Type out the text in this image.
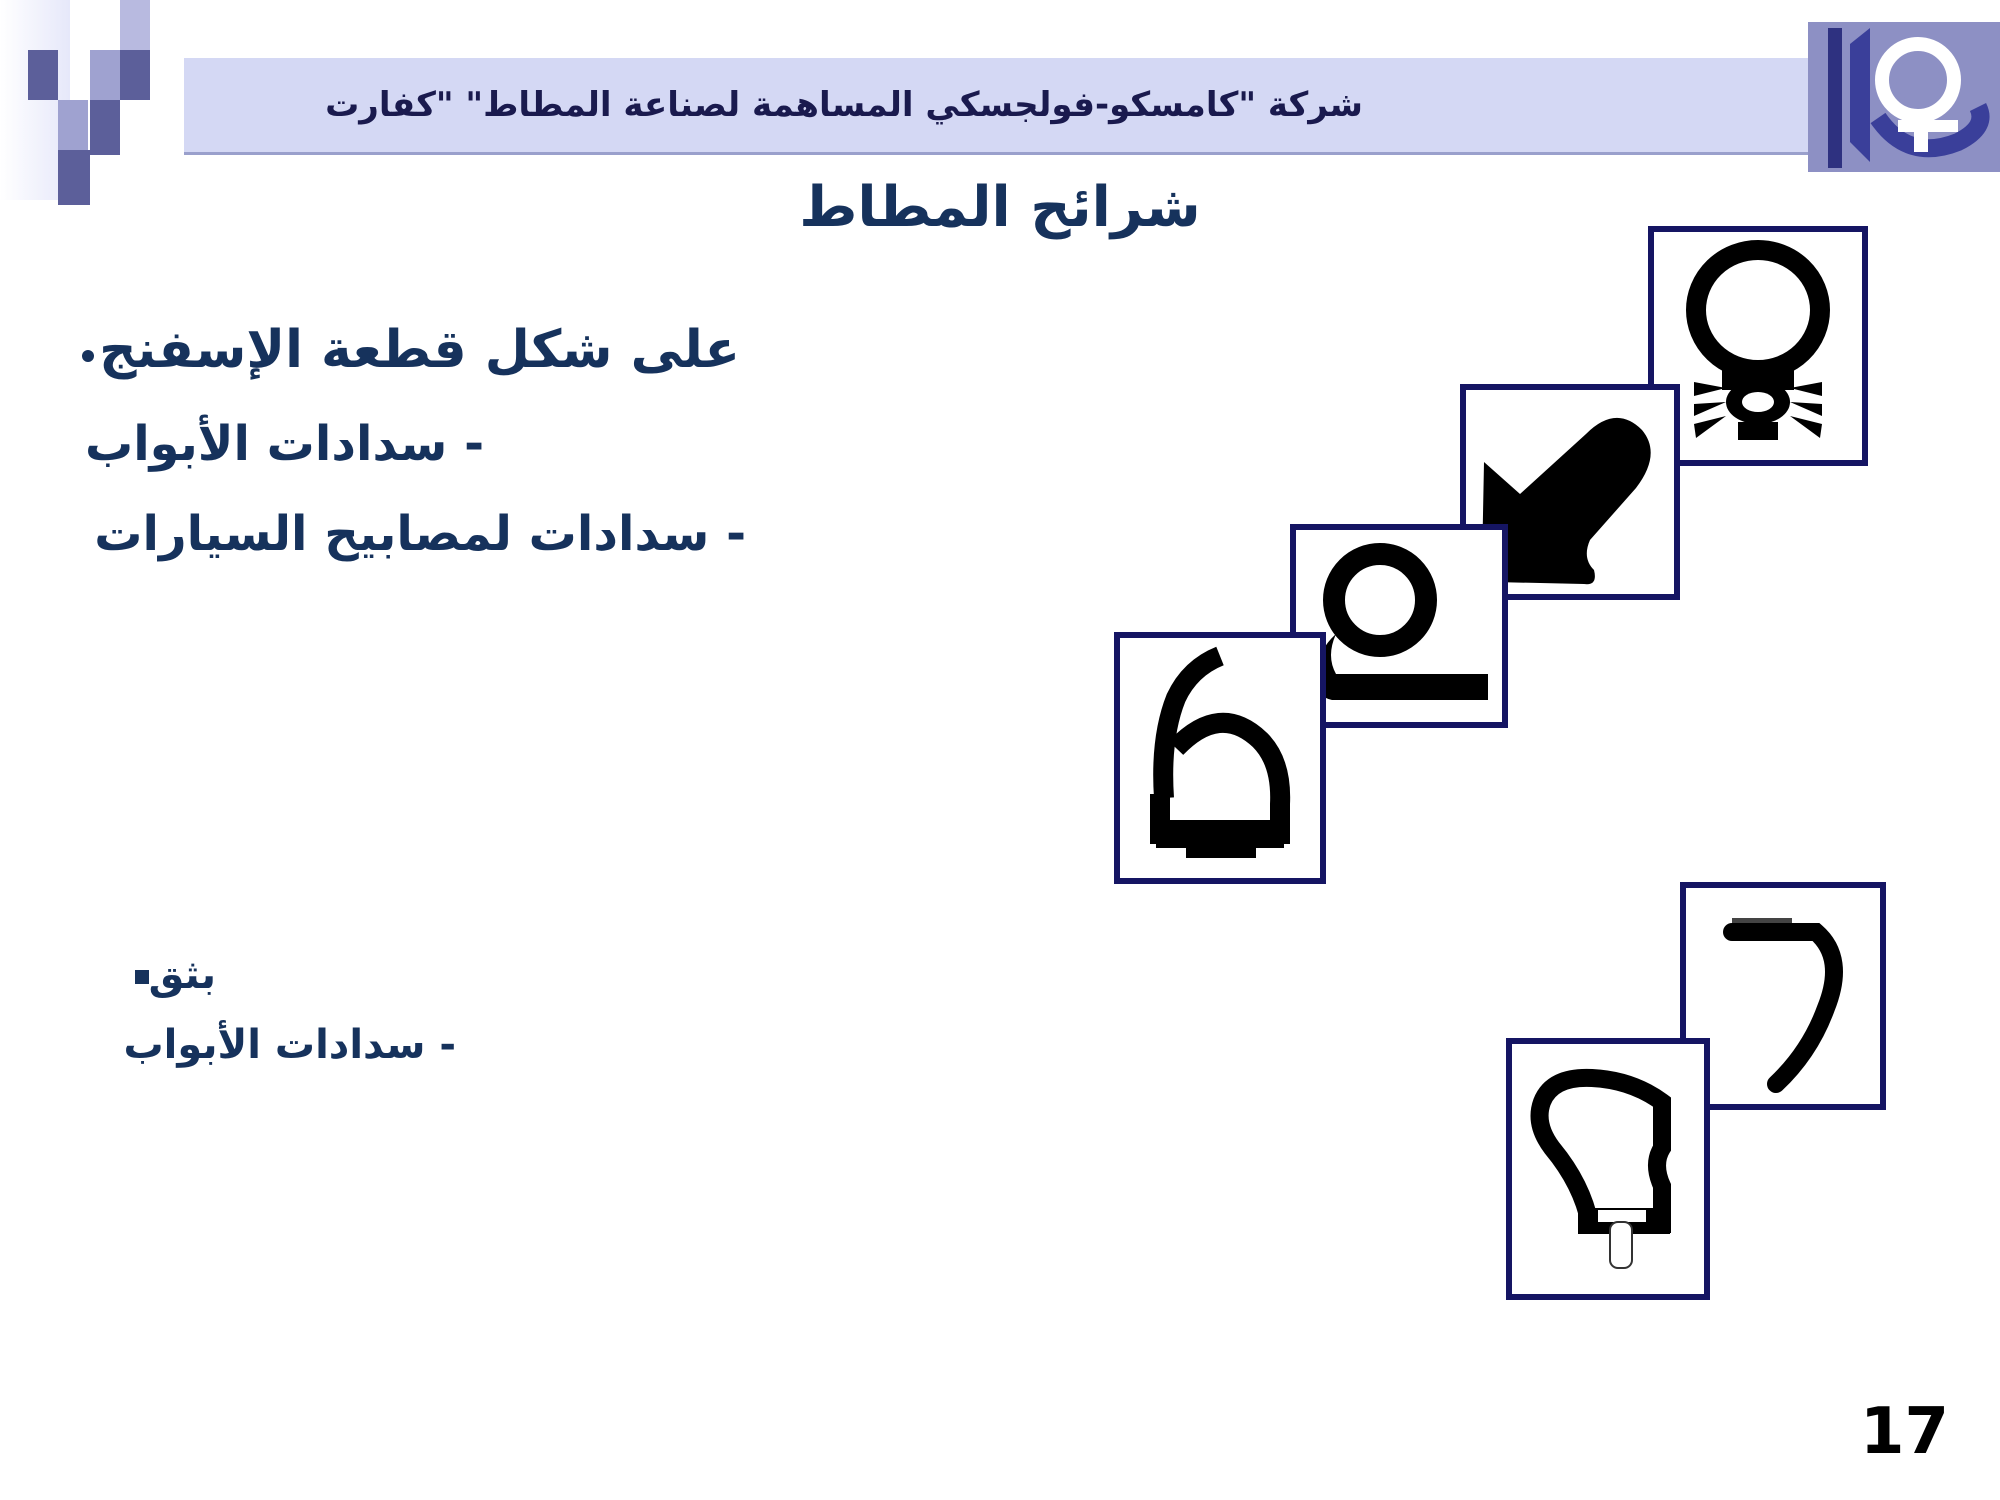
شركة "كامسكو-فولجسكي المساهمة لصناعة المطاط" "كفارت
شرائح المطاط
على شكل قطعة الإسفنج
- سدادات الأبواب
- سدادات لمصابيح السيارات
بثق
- سدادات الأبواب
17
